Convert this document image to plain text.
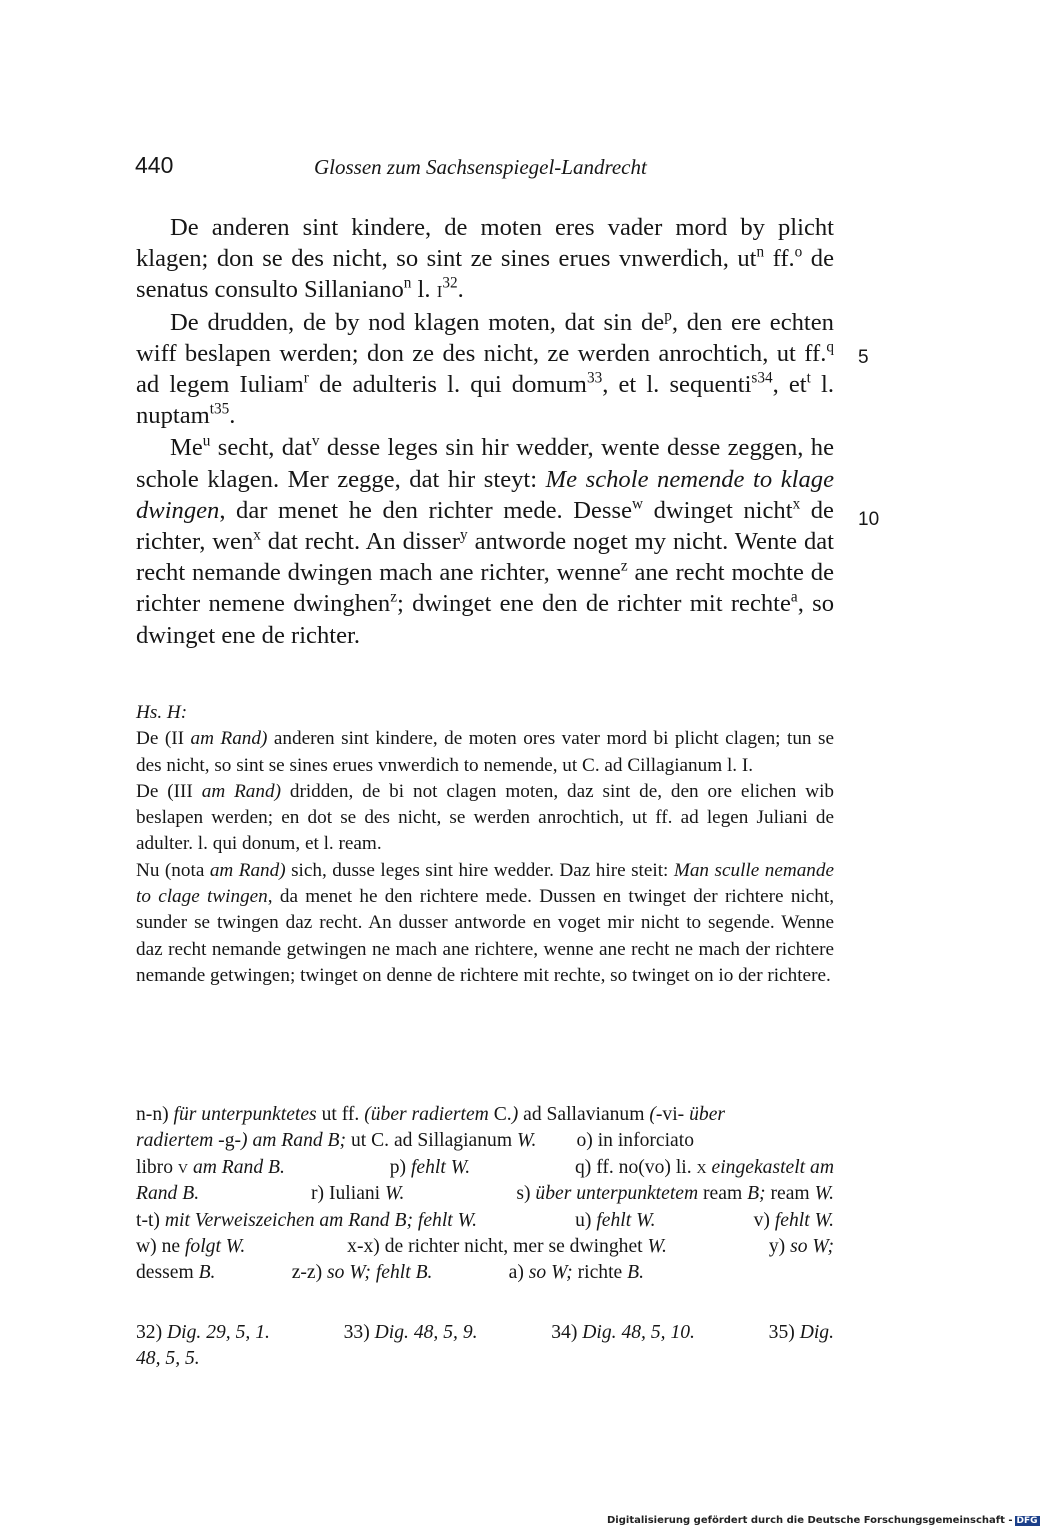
440	Glossen zum Sachsenspiegel-Landrecht

De anderen sint kindere, de moten eres vader mord by plicht klagen; don se des nicht, so sint ze sines erues vnwerdich, $ut^n$ ff.$^o$ de senatus consulto Sillaniano$^n$ l. $i^{32}$.

De drudden, de by nod klagen moten, dat $\sin de^p$, den ere echten wiff beslapen werden; don ze des nicht, ze werden anrochtich, ut ff.$^q$ ad legem Iuliam$^r$ de adulteris l. qui domum$^{33}$, et l. sequenti$^{s34}$, $et^t$ l. nuptam$^{t35}$.

Me$^u$ secht, dat$^v$ desse leges sin hir wedder, wente desse zeggen, he schole klagen. Mer zegge, dat hir steyt: Me schole nemende to klage dwingen, dar menet he den richter mede. Desse$^w$ dwinget nicht$^x$ de richter, wen$^x$ dat recht. An disser$^y$ antworde noget my nicht. Wente dat recht nemande dwingen mach ane richter, wenne$^z$ ane recht mochte de richter nemene dwinghen$^z$; dwinget ene den de richter mit rechte$^a$, so dwinget ene de richter.

5
10
Hs. H:

De (II am Rand) anderen sint kindere, de moten ores vater mord bi plicht clagen; tun se des nicht, so sint se sines erues vnwerdich to nemende, ut C. ad Cillagianum l. I.

De (III am Rand) dridden, de bi not clagen moten, daz sint de, den ore elichen wib beslapen werden; en dot se des nicht, se werden anrochtich, ut ff. ad legen Juliani de adulter. l. qui donum, et l. ream.

Nu (nota am Rand) sich, dusse leges sint hire wedder. Daz hire steit: Man sculle nemande to clage twingen, da menet he den richtere mede. Dussen en twinget der richtere nicht, sunder se twingen daz recht. An dusser antworde en voget mir nicht to segende. Wenne daz recht nemande getwingen ne mach ane richtere, wenne ane recht ne mach der richtere nemande getwingen; twinget on denne de richtere mit rechte, so twinget on io der richtere.

n-n) für unterpunktetes ut ff. (über radiertem C.) ad Sallavianum (-vi- über
radiertem -g-) am Rand B; ut C. ad Sillagianum W. o) in inforciato
libro v am Rand B.	p) fehlt W.	q) ff. no(vo) li. x eingekastelt am
Rand B.	r) Iuliani W.	s) über unterpunktetem ream B; ream W.
t-t) mit Verweiszeichen am Rand B; fehlt W.	u) fehlt W.	v) fehlt W.
w) ne folgt W.	x-x) de richter nicht, mer se dwinghet W.	y) so W;
dessem B.	z-z) so W; fehlt B.	a) so W; richte B.
32) Dig. 29, 5, 1.	33) Dig. 48, 5, 9.	34) Dig. 48, 5, 10.	35) Dig.
48, 5, 5.
Digitalisierung gefördert durch die Deutsche Forschungsgemeinschaft - DFG
